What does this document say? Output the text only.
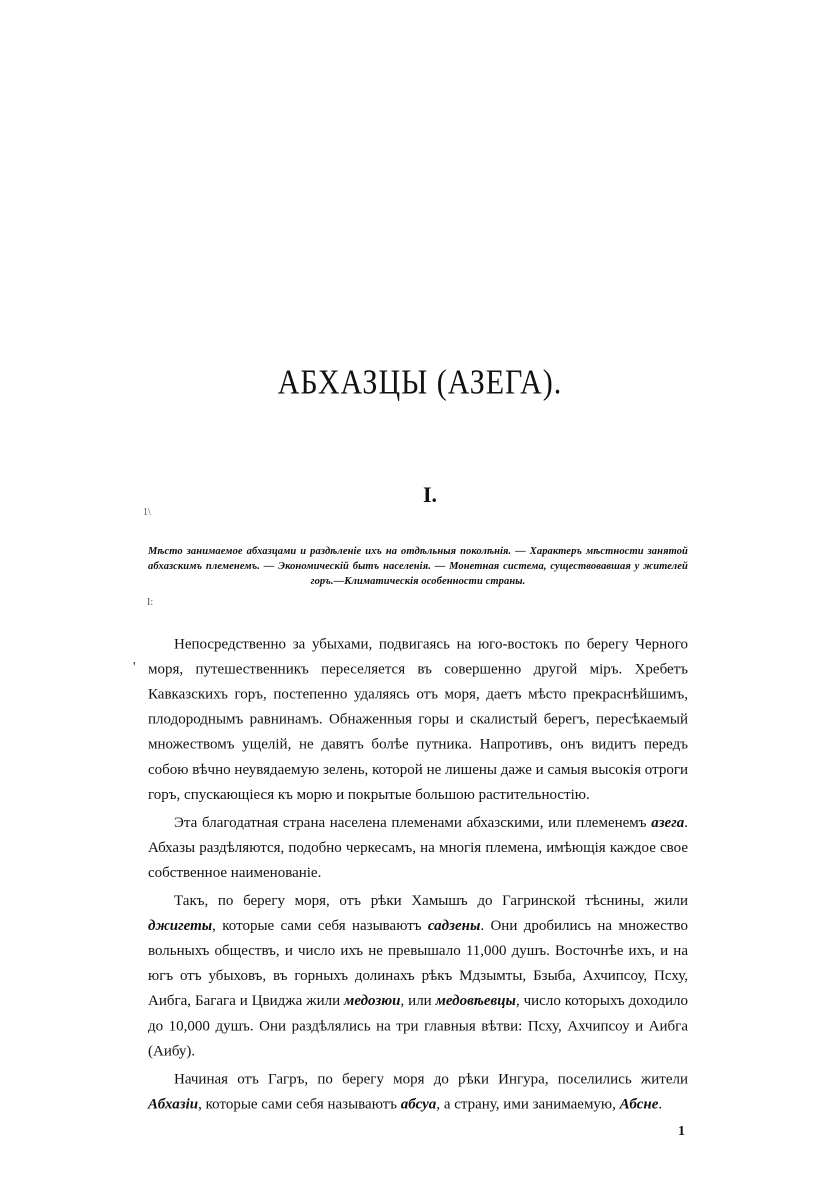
1\
I:
'
АБХАЗЦЫ (АЗЕГА).
I.
Мѣсто занимаемое абхазцами и раздѣленіе ихъ на отдѣльныя поколѣнія. — Характеръ мѣстности занятой абхазскимъ племенемъ. — Экономическій бытъ населенія. — Монетная система, существовавшая у жителей горъ.—Климатическія особенности страны.

Непосредственно за убыхами, подвигаясь на юго-востокъ по берегу Черного моря, путешественникъ переселяется въ совершенно другой міръ. Хребетъ Кавказскихъ горъ, постепенно удаляясь отъ моря, даетъ мѣсто прекраснѣйшимъ, плодороднымъ равнинамъ. Обнаженныя горы и скалистый берегъ, пересѣкаемый множествомъ ущелій, не давятъ болѣе путника. Напротивъ, онъ видитъ передъ собою вѣчно неувядаемую зелень, которой не лишены даже и самыя высокія отроги горъ, спускающіеся къ морю и покрытые большою растительностію.

Эта благодатная страна населена племенами абхазскими, или племенемъ азега. Абхазы раздѣляются, подобно черкесамъ, на многія племена, имѣющія каждое свое собственное наименованіе.

Такъ, по берегу моря, отъ рѣки Хамышъ до Гагринской тѣснины, жили джигеты, которые сами себя называютъ садзены. Они дробились на множество вольныхъ обществъ, и число ихъ не превышало 11,000 душъ. Восточнѣе ихъ, и на югъ отъ убыховъ, въ горныхъ долинахъ рѣкъ Мдзымты, Бзыба, Ахчипсоу, Псху, Аибга, Багага и Цвиджа жили медозюи, или медовѣевцы, число которыхъ доходило до 10,000 душъ. Они раздѣлялись на три главныя вѣтви: Псху, Ахчипсоу и Аибга (Аибу).

Начиная отъ Гагръ, по берегу моря до рѣки Ингура, поселились жители Абхазіи, которые сами себя называютъ абсуа, а страну, ими занимаемую, Абсне.

1
